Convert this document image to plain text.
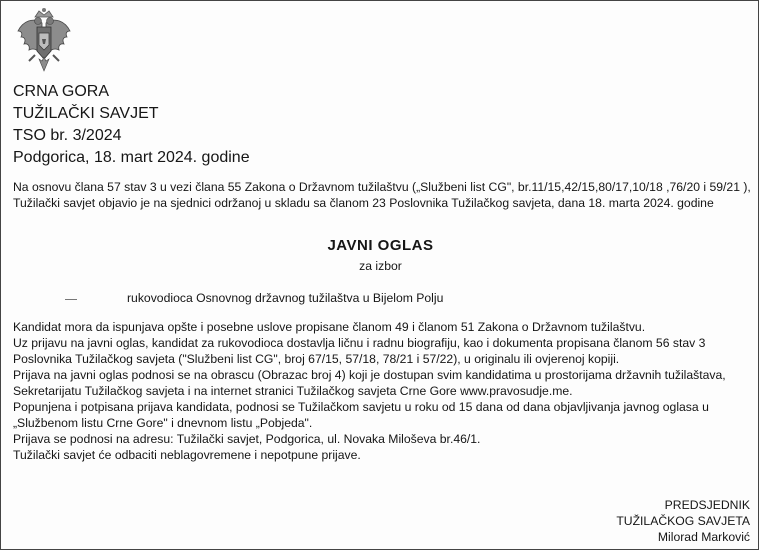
CRNA GORA
TUŽILAČKI SAVJET
TSO br. 3/2024
Podgorica, 18. mart 2024. godine
Na osnovu člana 57 stav 3 u vezi člana 55 Zakona o Državnom tužilaštvu („Službeni list CG", br.11/15,42/15,80/17,10/18 ,76/20 i 59/21 ), Tužilački savjet objavio je na sjednici održanoj u skladu sa članom 23 Poslovnika Tužilačkog savjeta, dana 18. marta 2024. godine
JAVNI OGLAS
za izbor
rukovodioca Osnovnog državnog tužilaštva u Bijelom Polju

Kandidat mora da ispunjava opšte i posebne uslove propisane članom 49 i članom 51 Zakona o Državnom tužilaštvu.

Uz prijavu na javni oglas, kandidat za rukovodioca dostavlja ličnu i radnu biografiju, kao i dokumenta propisana članom 56 stav 3 Poslovnika Tužilačkog savjeta ("Službeni list CG", broj 67/15, 57/18, 78/21 i 57/22), u originalu ili ovjerenoj kopiji.

Prijava na javni oglas podnosi se na obrascu (Obrazac broj 4) koji je dostupan svim kandidatima u prostorijama državnih tužilaštava, Sekretarijatu Tužilačkog savjeta i na internet stranici Tužilačkog savjeta Crne Gore www.pravosudje.me.

Popunjena i potpisana prijava kandidata, podnosi se Tužilačkom savjetu u roku od 15 dana od dana objavljivanja javnog oglasa u „Službenom listu Crne Gore" i dnevnom listu „Pobjeda".

Prijava se podnosi na adresu: Tužilački savjet, Podgorica, ul. Novaka Miloševa br.46/1.

Tužilački savjet će odbaciti neblagovremene i nepotpune prijave.

PREDSJEDNIK
TUŽILAČKOG SAVJETA
Milorad Marković
